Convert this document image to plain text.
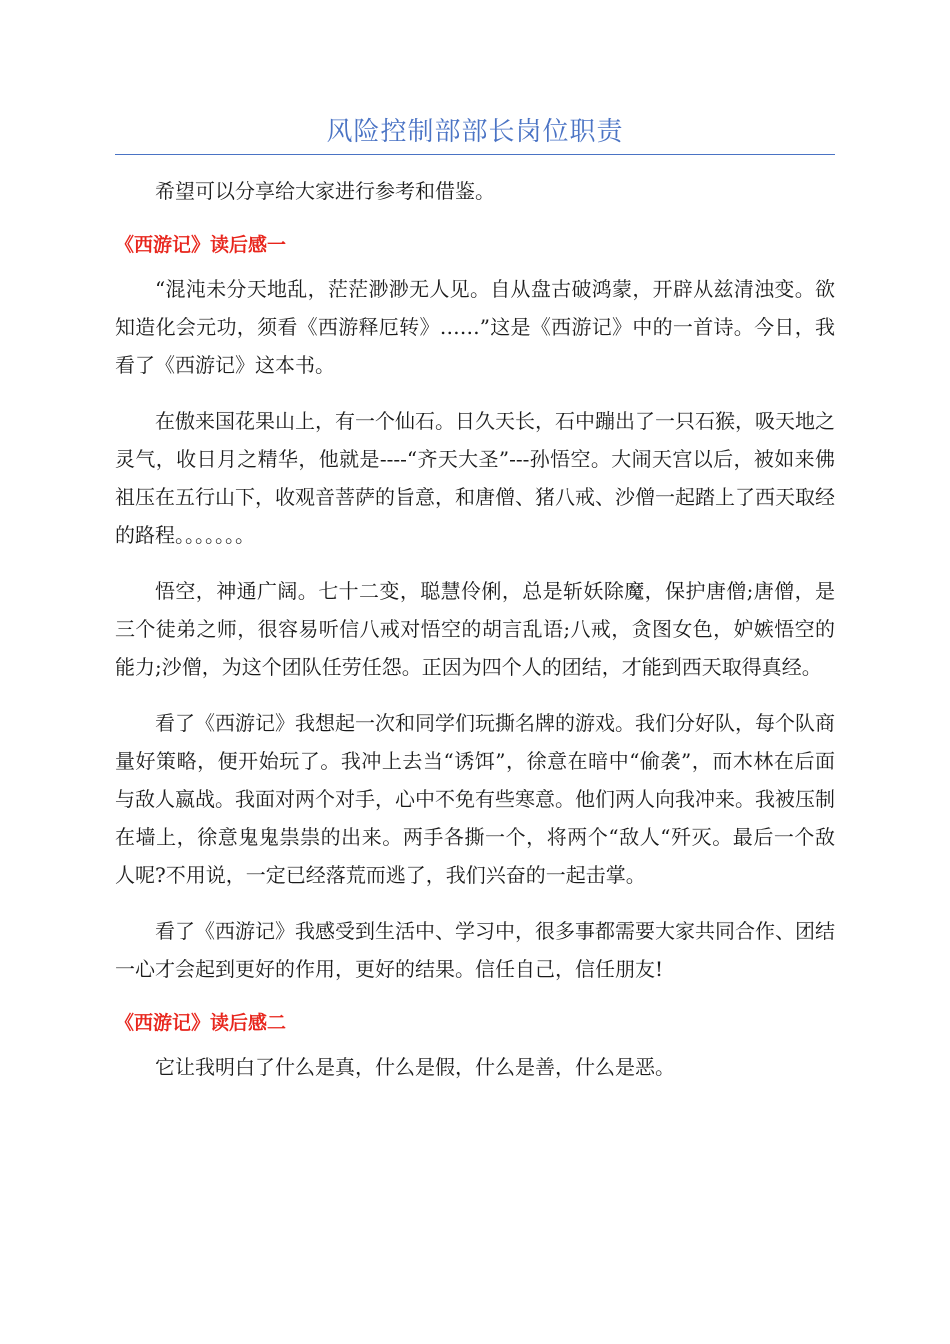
风险控制部部长岗位职责

希望可以分享给大家进行参考和借鉴。

《西游记》读后感一

“混沌未分天地乱，茫茫渺渺无人见。自从盘古破鸿蒙，开辟从兹清浊变。欲知造化会元功，须看《西游释厄转》……”这是《西游记》中的一首诗。今日，我看了《西游记》这本书。

在傲来国花果山上，有一个仙石。日久天长，石中蹦出了一只石猴，吸天地之灵气，收日月之精华，他就是----“齐天大圣”---孙悟空。大闹天宫以后，被如来佛祖压在五行山下，收观音菩萨的旨意，和唐僧、猪八戒、沙僧一起踏上了西天取经的路程。。。。。。。

悟空，神通广阔。七十二变，聪慧伶俐，总是斩妖除魔，保护唐僧;唐僧，是三个徒弟之师，很容易听信八戒对悟空的胡言乱语;八戒，贪图女色，妒嫉悟空的能力;沙僧，为这个团队任劳任怨。正因为四个人的团结，才能到西天取得真经。

看了《西游记》我想起一次和同学们玩撕名牌的游戏。我们分好队，每个队商量好策略，便开始玩了。我冲上去当“诱饵”，徐意在暗中“偷袭”，而木林在后面与敌人嬴战。我面对两个对手，心中不免有些寒意。他们两人向我冲来。我被压制在墙上，徐意鬼鬼祟祟的出来。两手各撕一个，将两个“敌人“歼灭。最后一个敌人呢?不用说，一定已经落荒而逃了，我们兴奋的一起击掌。

看了《西游记》我感受到生活中、学习中，很多事都需要大家共同合作、团结一心才会起到更好的作用，更好的结果。信任自己，信任朋友!

《西游记》读后感二

它让我明白了什么是真，什么是假，什么是善，什么是恶。
